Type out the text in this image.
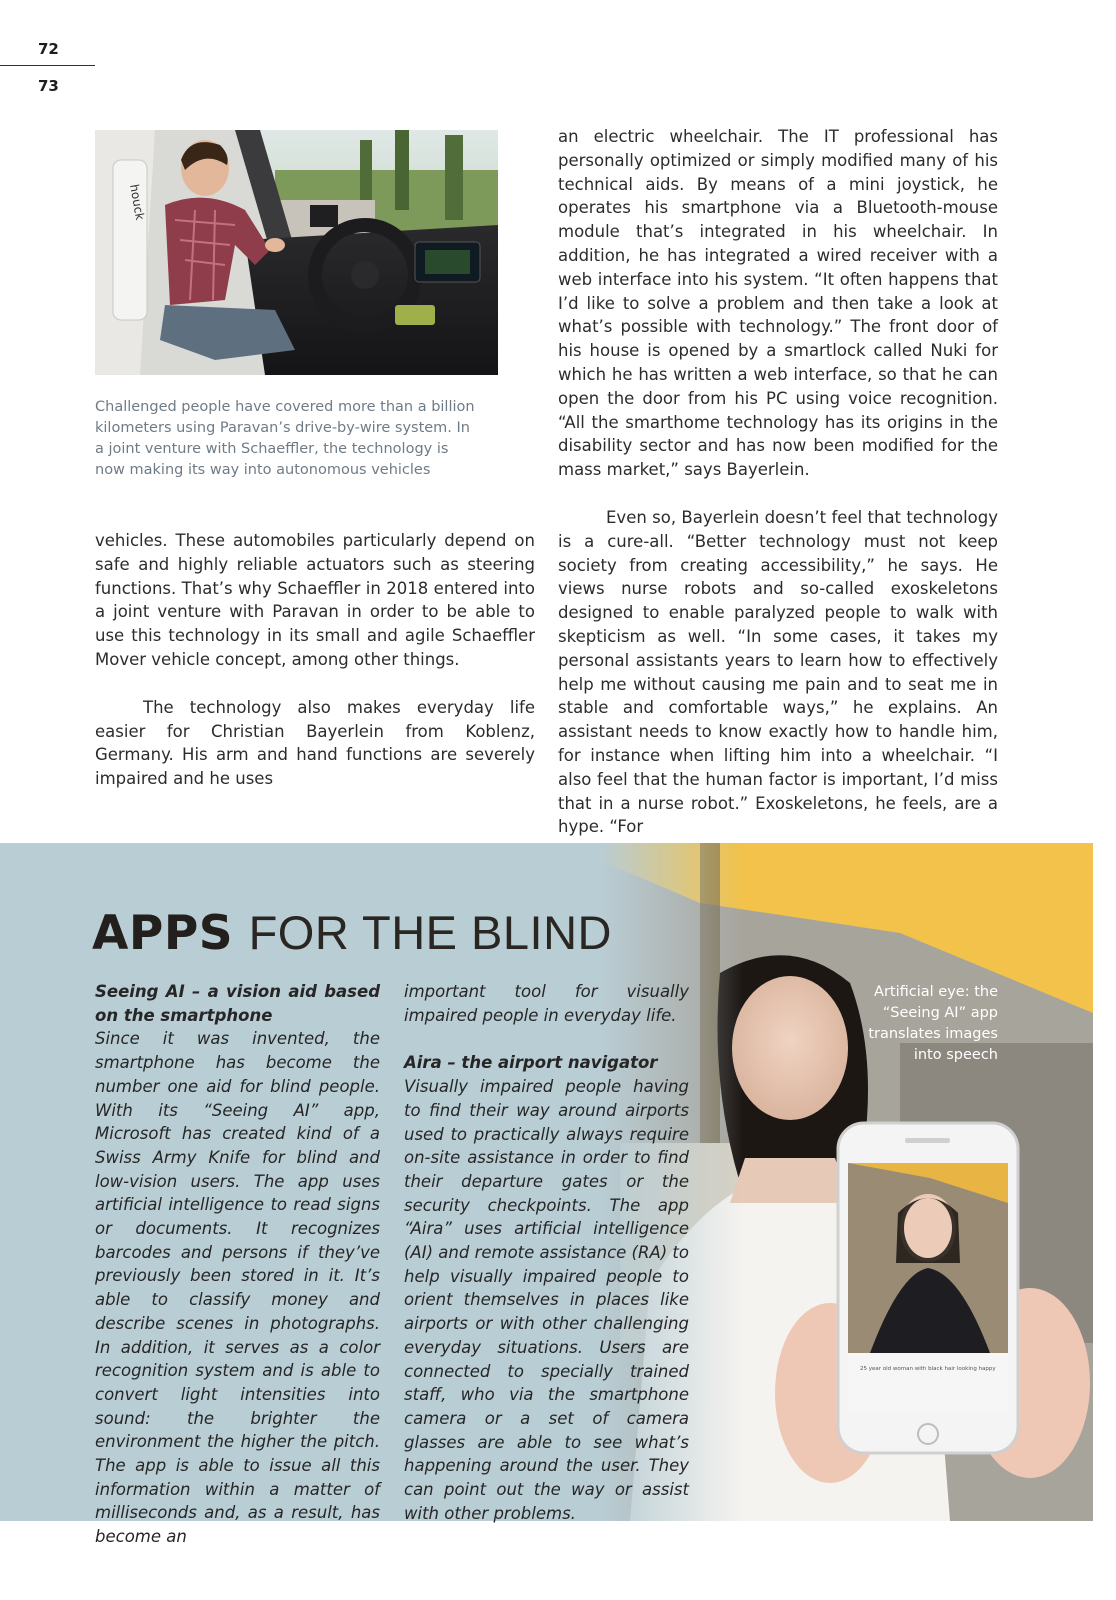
72
73
houck
Challenged people have covered more than a billion kilometers using Paravan’s drive-by-wire system. In a joint venture with Schaeffler, the technology is now making its way into autonomous vehicles

vehicles. These automobiles particularly depend on safe and highly reliable actuators such as steering functions. That’s why Schaeffler in 2018 entered into a joint venture with Paravan in order to be able to use this technology in its small and agile Schaeffler Mover vehicle concept, among other things.

The technology also makes everyday life easier for Christian Bayerlein from Koblenz, Germany. His arm and hand functions are severely impaired and he uses

an electric wheelchair. The IT professional has personally optimized or simply modified many of his technical aids. By means of a mini joystick, he operates his smartphone via a Bluetooth-mouse module that’s integrated in his wheelchair. In addition, he has integrated a wired receiver with a web interface into his system. “It often happens that I’d like to solve a problem and then take a look at what’s possible with technology.” The front door of his house is opened by a smartlock called Nuki for which he has written a web interface, so that he can open the door from his PC using voice recognition. “All the smarthome technology has its origins in the disability sector and has now been modified for the mass market,” says Bayerlein.

Even so, Bayerlein doesn’t feel that technology is a cure-all. “Better technology must not keep society from creating accessibility,” he says. He views nurse robots and so-called exoskeletons designed to enable paralyzed people to walk with skepticism as well. “In some cases, it takes my personal assistants years to learn how to effectively help me without causing me pain and to seat me in stable and comfortable ways,” he explains. An assistant needs to know exactly how to handle him, for instance when lifting him into a wheelchair. “I also feel that the human factor is important, I’d miss that in a nurse robot.” Exoskeletons, he feels, are a hype. “For

APPS FOR THE BLIND

Seeing AI – a vision aid based on the smartphone

Since it was invented, the smartphone has become the number one aid for blind people. With its “Seeing AI” app, Microsoft has created kind of a Swiss Army Knife for blind and low-vision users. The app uses artificial intelligence to read signs or documents. It recognizes barcodes and persons if they’ve previously been stored in it. It’s able to classify money and describe scenes in photographs. In addition, it serves as a color recognition system and is able to convert light intensities into sound: the brighter the environment the higher the pitch. The app is able to issue all this information within a matter of milliseconds and, as a result, has become an

important tool for visually impaired people in everyday life.

Aira – the airport navigator

Visually impaired people having to find their way around airports used to practically always require on-site assistance in order to find their departure gates or the security checkpoints. The app “Aira” uses artificial intelligence (AI) and remote assistance (RA) to help visually impaired people to orient themselves in places like airports or with other challenging everyday situations. Users are connected to specially trained staff, who via the smartphone camera or a set of camera glasses are able to see what’s happening around the user. They can point out the way or assist with other problems.

Artificial eye: the “Seeing AI” app translates images into speech
